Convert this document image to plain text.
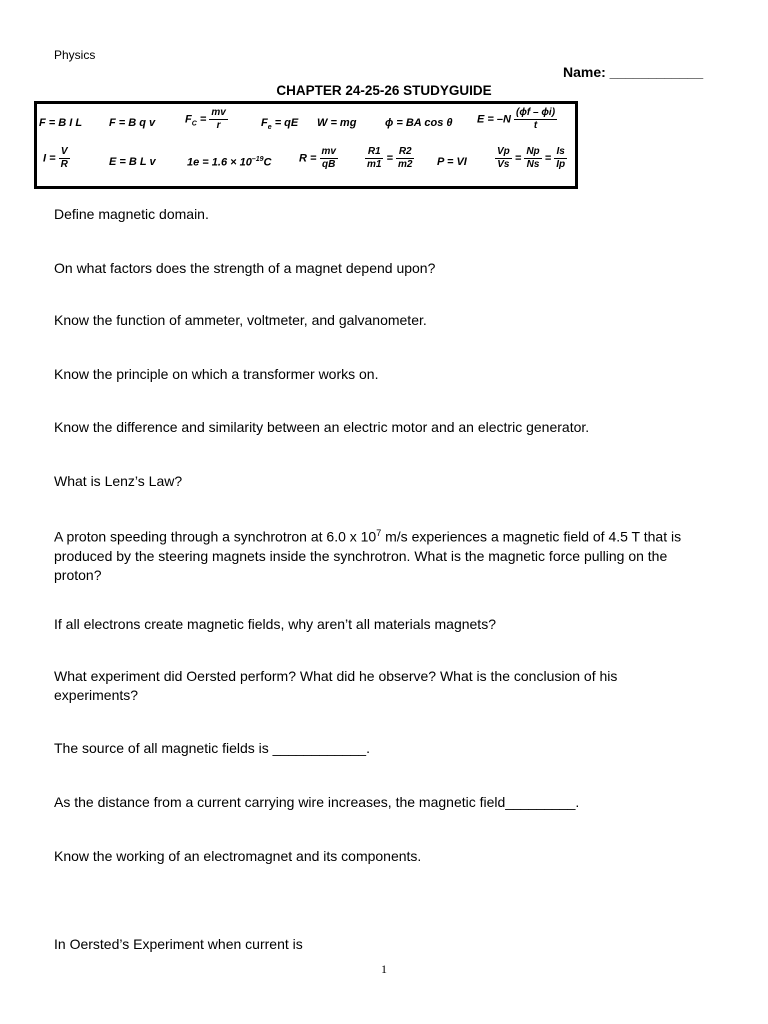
Physics
Name: ____________
CHAPTER 24-25-26 STUDYGUIDE
F = B I L F = B q v	$F_C = \frac{mv}{r}$	$F_e$ = qE W = mg	ϕ = BA cos θ $E = -N \frac{(\phi f - \phi i)}{t}$
$I = \frac{V}{R}$	E = B L v	$1e = 1.6 \times 10^{-19}C$	$R = \frac{mv}{qB}$	$\frac{R1}{m1} = \frac{R2}{m2}$ P = VI	$\frac{Vp}{Vs} = \frac{Np}{Ns} = \frac{Is}{Ip}$
Define magnetic domain.
On what factors does the strength of a magnet depend upon?
Know the function of ammeter, voltmeter, and galvanometer.
Know the principle on which a transformer works on.
Know the difference and similarity between an electric motor and an electric generator.
What is Lenz’s Law?
A proton speeding through a synchrotron at 6.0 x $10^7$ m/s experiences a magnetic field of 4.5 T that is produced by the steering magnets inside the synchrotron. What is the magnetic force pulling on the proton?
If all electrons create magnetic fields, why aren’t all materials magnets?
What experiment did Oersted perform? What did he observe? What is the conclusion of his experiments?
The source of all magnetic fields is ____________.
As the distance from a current carrying wire increases, the magnetic field_________.
Know the working of an electromagnet and its components.
In Oersted’s Experiment when current is
1
